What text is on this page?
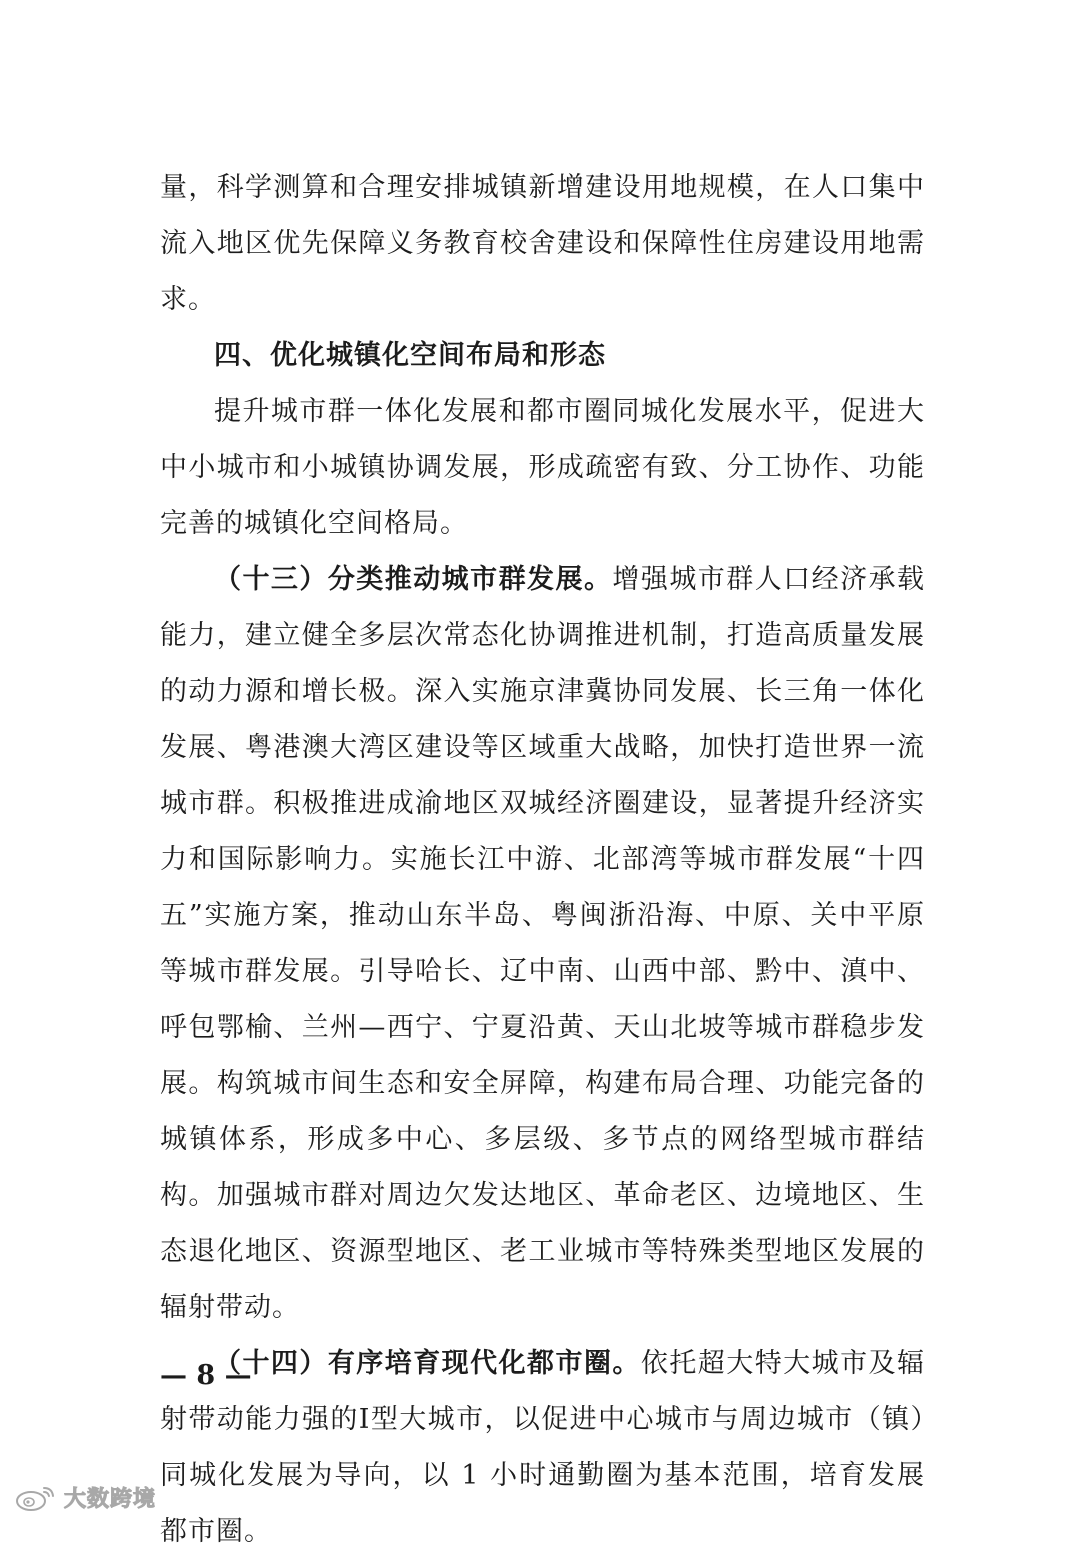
量，科学测算和合理安排城镇新增建设用地规模，在人口集中流入地区优先保障义务教育校舍建设和保障性住房建设用地需求。

四、优化城镇化空间布局和形态

提升城市群一体化发展和都市圈同城化发展水平，促进大中小城市和小城镇协调发展，形成疏密有致、分工协作、功能完善的城镇化空间格局。

（十三）分类推动城市群发展。增强城市群人口经济承载能力，建立健全多层次常态化协调推进机制，打造高质量发展的动力源和增长极。深入实施京津冀协同发展、长三角一体化发展、粤港澳大湾区建设等区域重大战略，加快打造世界一流城市群。积极推进成渝地区双城经济圈建设，显著提升经济实力和国际影响力。实施长江中游、北部湾等城市群发展“十四五”实施方案，推动山东半岛、粤闽浙沿海、中原、关中平原等城市群发展。引导哈长、辽中南、山西中部、黔中、滇中、呼包鄂榆、兰州—西宁、宁夏沿黄、天山北坡等城市群稳步发展。构筑城市间生态和安全屏障，构建布局合理、功能完备的城镇体系，形成多中心、多层级、多节点的网络型城市群结构。加强城市群对周边欠发达地区、革命老区、边境地区、生态退化地区、资源型地区、老工业城市等特殊类型地区发展的辐射带动。

（十四）有序培育现代化都市圈。依托超大特大城市及辐射带动能力强的Ⅰ型大城市，以促进中心城市与周边城市（镇）同城化发展为导向，以 1 小时通勤圈为基本范围，培育发展都市圈。

— 8 —
大数跨境
